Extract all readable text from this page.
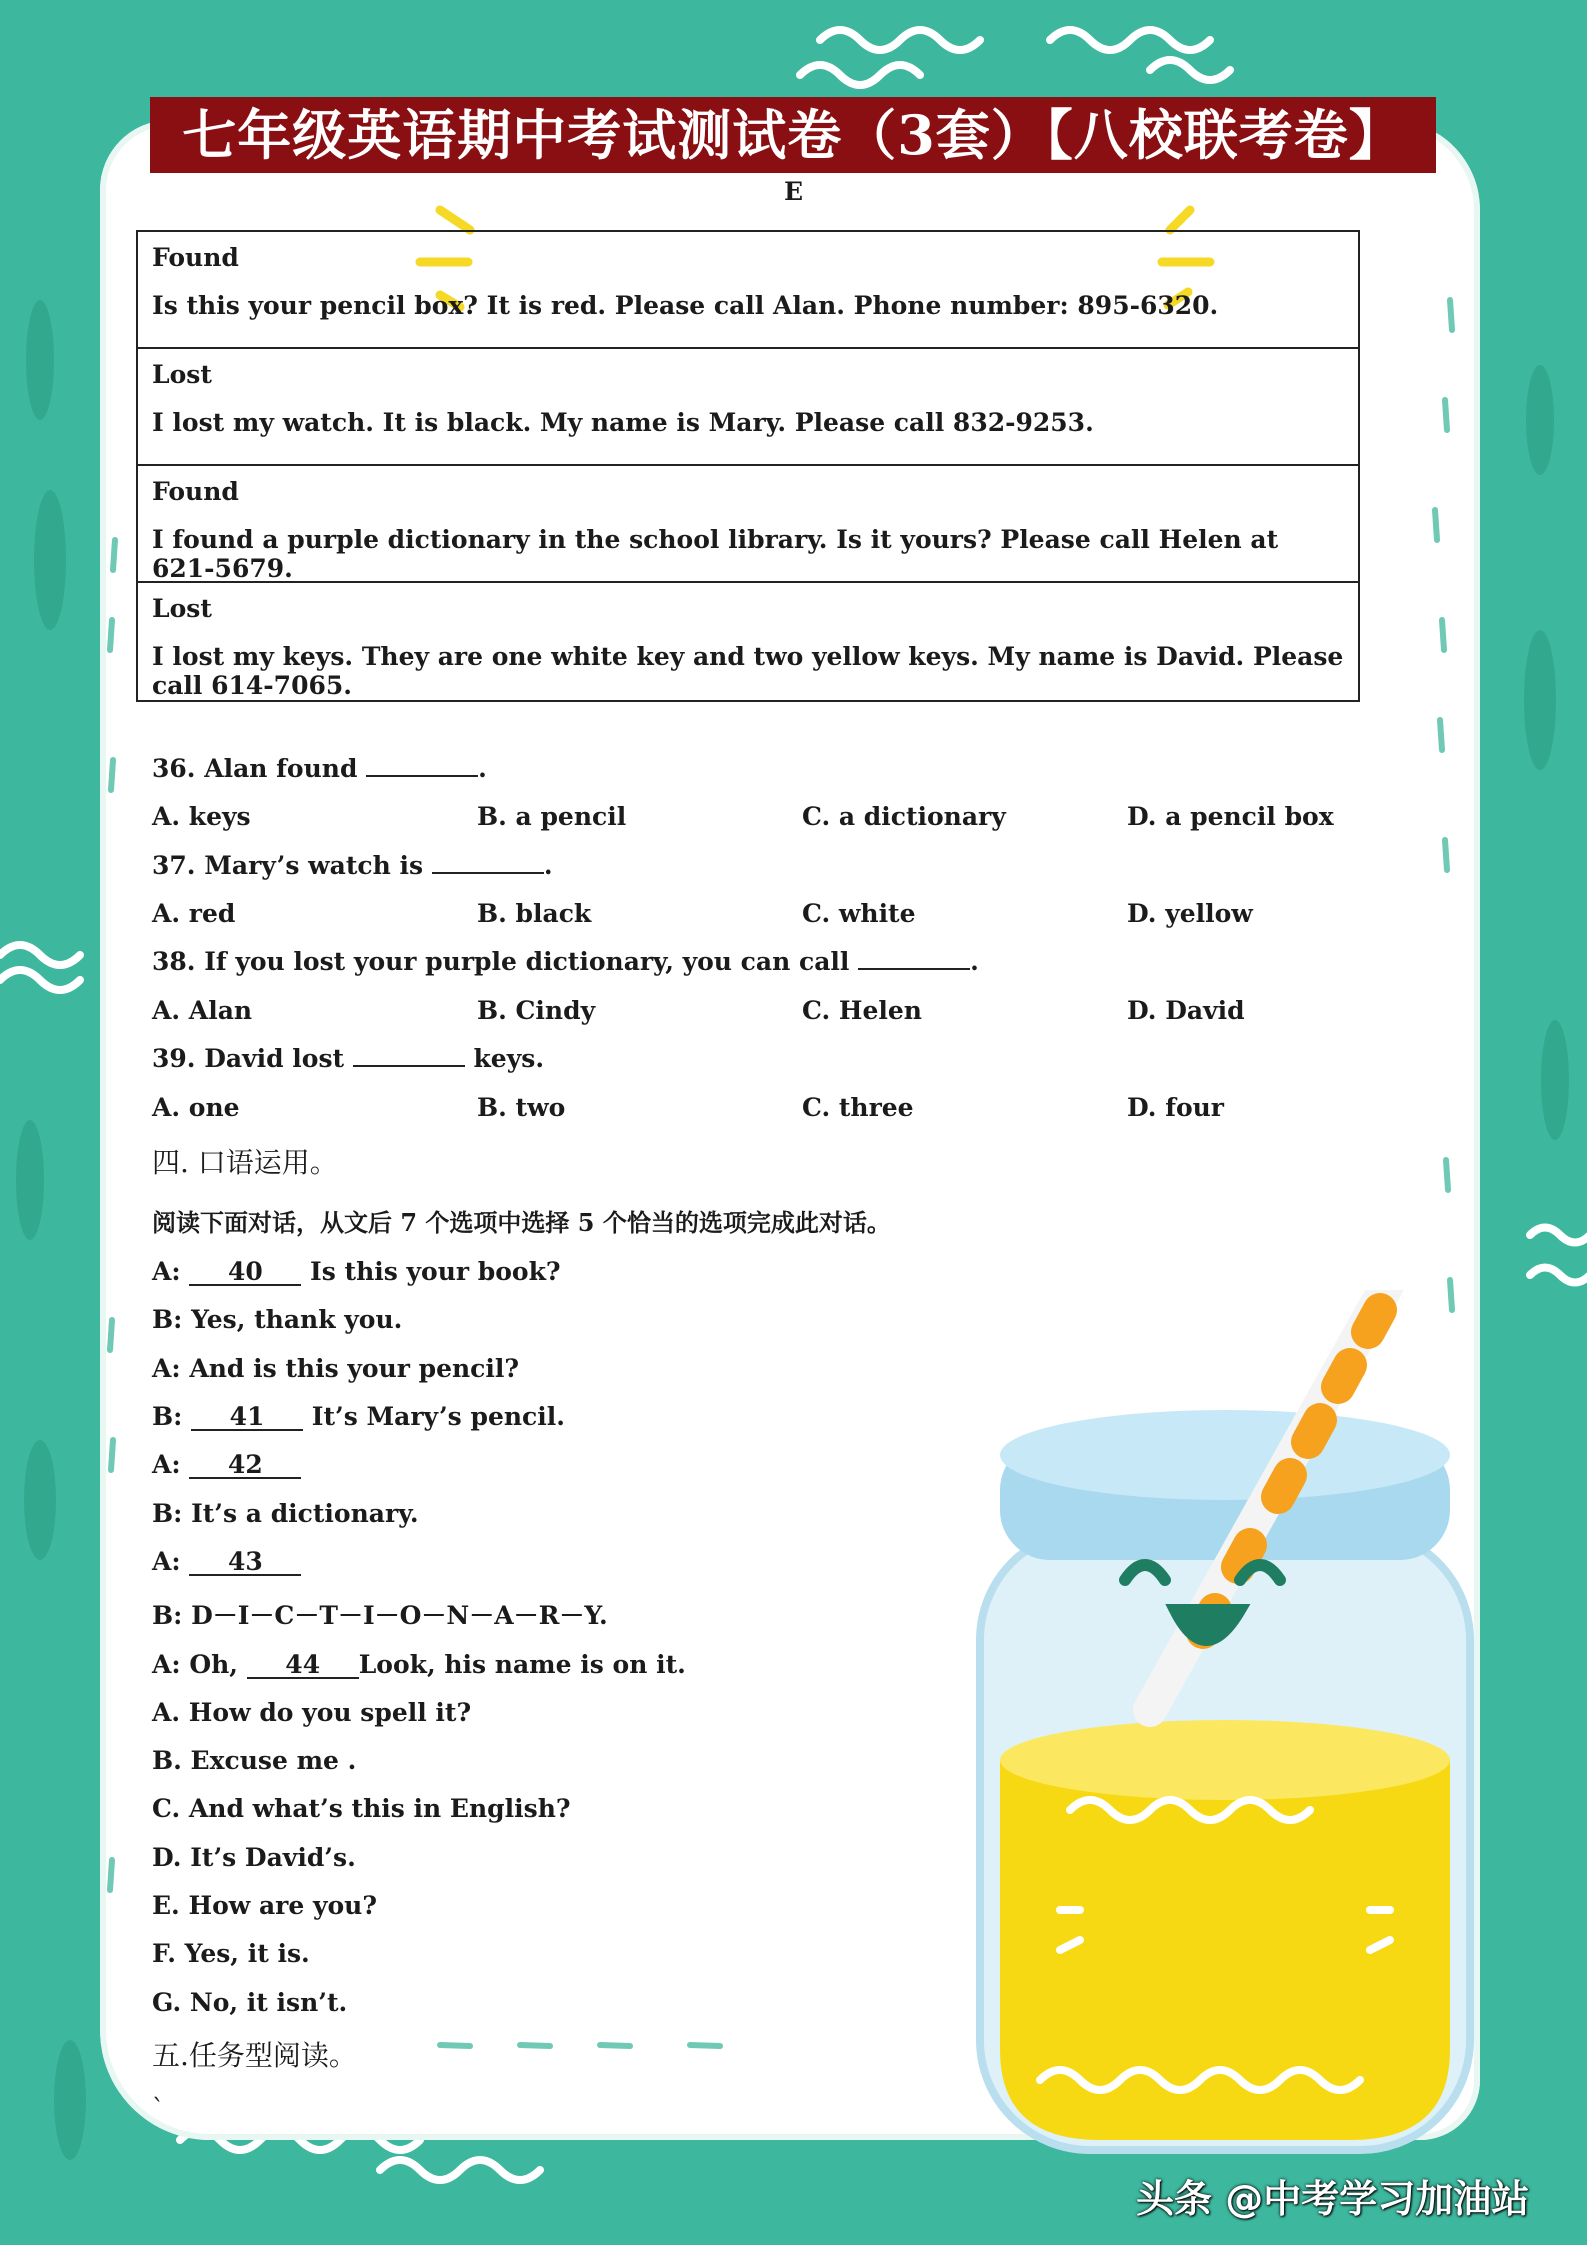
七年级英语期中考试测试卷（3套）【八校联考卷】
E
Found
Is this your pencil box? It is red. Please call Alan. Phone number: 895-6320.
Lost
I lost my watch. It is black. My name is Mary. Please call 832-9253.
Found
I found a purple dictionary in the school library. Is it yours? Please call Helen at 621-5679.
Lost
I lost my keys. They are one white key and two yellow keys. My name is David. Please call 614-7065.
36. Alan found	.
A. keys	B. a pencil	C. a dictionary	D. a pencil box
37. Mary’s watch is	.
A. red	B. black	C. white	D. yellow
38. If you lost your purple dictionary, you can call	.
A. Alan	B. Cindy	C. Helen	D. David
39. David lost	keys.
A. one	B. two	C. three	D. four
四. 口语运用。
阅读下面对话，从文后 7 个选项中选择 5 个恰当的选项完成此对话。
A: 40 Is this your book?
B: Yes, thank you.
A: And is this your pencil?
B: 41 It’s Mary’s pencil.
A: 42
B: It’s a dictionary.
A: 43
B: D－I－C－T－I－O－N－A－R－Y.
A: Oh, 44 Look, his name is on it.
A. How do you spell it?
B. Excuse me .
C. And what’s this in English?
D. It’s David’s.
E. How are you?
F. Yes, it is.
G. No, it isn’t.
五.任务型阅读。
`
头条 @中考学习加油站
